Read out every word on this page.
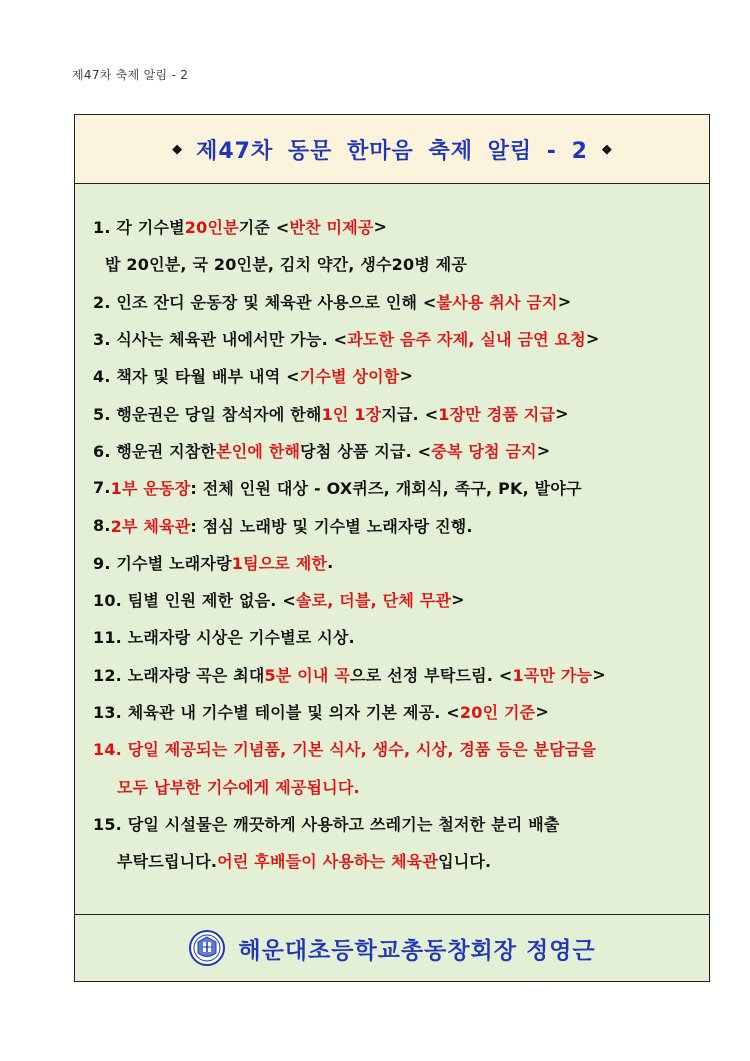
제47차 축제 알림 - 2
◆ 제47차 동문 한마음 축제 알림 - 2 ◆
1. 각 기수별 20인분 기준 < 반찬 미제공 >
밥 20인분, 국 20인분, 김치 약간, 생수20병 제공
2. 인조 잔디 운동장 및 체육관 사용으로 인해 < 불사용 취사 금지 >
3. 식사는 체육관 내에서만 가능. < 과도한 음주 자제, 실내 금연 요청 >
4. 책자 및 타월 배부 내역 < 기수별 상이함 >
5. 행운권은 당일 참석자에 한해 1인 1장 지급. < 1장만 경품 지급 >
6. 행운권 지참한 본인에 한해 당첨 상품 지급. < 중복 당첨 금지 >
7. 1부 운동장 : 전체 인원 대상 - OX퀴즈, 개회식, 족구, PK, 발야구
8. 2부 체육관 : 점심 노래방 및 기수별 노래자랑 진행.
9. 기수별 노래자랑 1팀으로 제한 .
10. 팀별 인원 제한 없음. < 솔로, 더블, 단체 무관 >
11. 노래자랑 시상은 기수별로 시상.
12. 노래자랑 곡은 최대 5분 이내 곡 으로 선정 부탁드림. < 1곡만 가능 >
13. 체육관 내 기수별 테이블 및 의자 기본 제공. < 20인 기준 >
14. 당일 제공되는 기념품, 기본 식사, 생수, 시상, 경품 등은 분담금을
모두 납부한 기수에게 제공됩니다.
15. 당일 시설물은 깨끗하게 사용하고 쓰레기는 철저한 분리 배출
부탁드립니다. 어린 후배들이 사용하는 체육관 입니다.
해운대초등학교총동창회장 정영근
